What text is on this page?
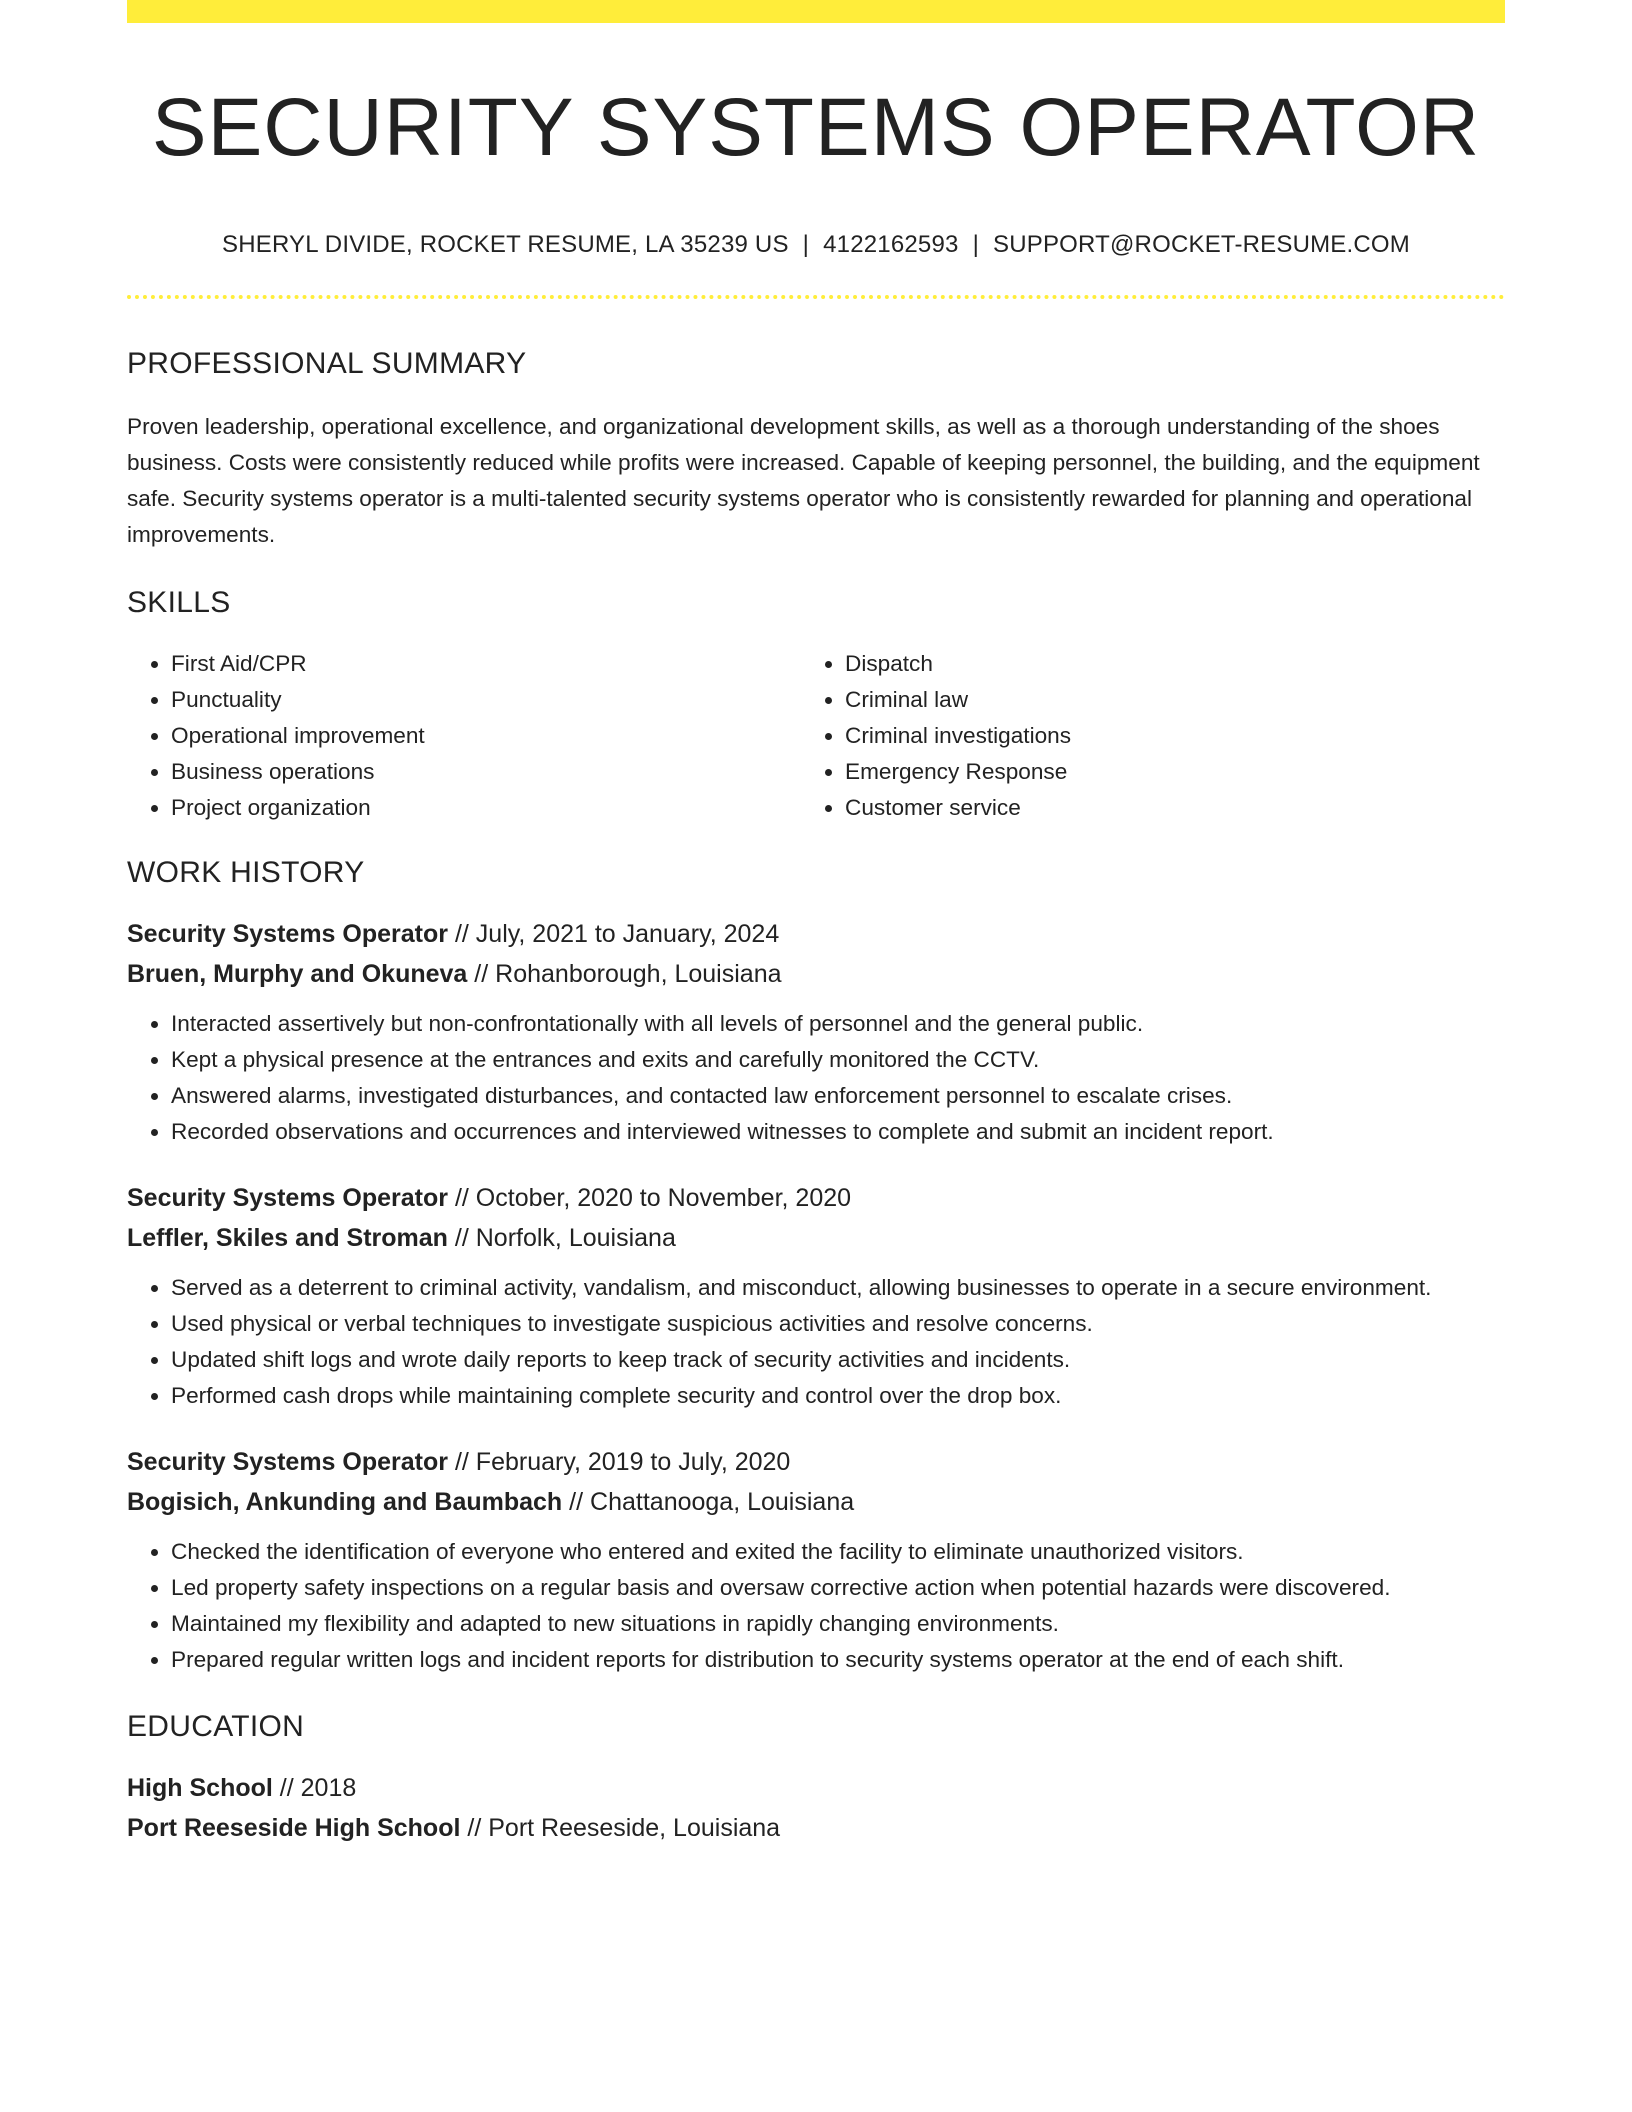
SECURITY SYSTEMS OPERATOR
SHERYL DIVIDE, ROCKET RESUME, LA 35239 US | 4122162593 | SUPPORT@ROCKET-RESUME.COM
PROFESSIONAL SUMMARY

Proven leadership, operational excellence, and organizational development skills, as well as a thorough understanding of the shoes business. Costs were consistently reduced while profits were increased. Capable of keeping personnel, the building, and the equipment safe. Security systems operator is a multi-talented security systems operator who is consistently rewarded for planning and operational improvements.

SKILLS
• First Aid/CPR
• Punctuality
• Operational improvement
• Business operations
• Project organization
• Dispatch
• Criminal law
• Criminal investigations
• Emergency Response
• Customer service
WORK HISTORY
Security Systems Operator // July, 2021 to January, 2024
Bruen, Murphy and Okuneva // Rohanborough, Louisiana
• Interacted assertively but non-confrontationally with all levels of personnel and the general public.
• Kept a physical presence at the entrances and exits and carefully monitored the CCTV.
• Answered alarms, investigated disturbances, and contacted law enforcement personnel to escalate crises.
• Recorded observations and occurrences and interviewed witnesses to complete and submit an incident report.
Security Systems Operator // October, 2020 to November, 2020
Leffler, Skiles and Stroman // Norfolk, Louisiana
• Served as a deterrent to criminal activity, vandalism, and misconduct, allowing businesses to operate in a secure environment.
• Used physical or verbal techniques to investigate suspicious activities and resolve concerns.
• Updated shift logs and wrote daily reports to keep track of security activities and incidents.
• Performed cash drops while maintaining complete security and control over the drop box.
Security Systems Operator // February, 2019 to July, 2020
Bogisich, Ankunding and Baumbach // Chattanooga, Louisiana
• Checked the identification of everyone who entered and exited the facility to eliminate unauthorized visitors.
• Led property safety inspections on a regular basis and oversaw corrective action when potential hazards were discovered.
• Maintained my flexibility and adapted to new situations in rapidly changing environments.
• Prepared regular written logs and incident reports for distribution to security systems operator at the end of each shift.
EDUCATION
High School // 2018
Port Reeseside High School // Port Reeseside, Louisiana
